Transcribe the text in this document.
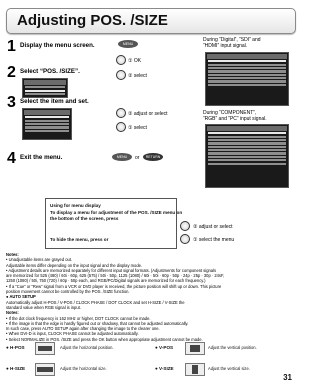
Adjusting POS. /SIZE
1 Display the menu screen.
2 Select “POS. /SIZE”.
3 Select the item and set.
4 Exit the menu.
MENU
① OK
② select
② adjust or select
① select
MENU	or	RETURN
During “Digital”, “SDI” and
“HDMI” input signal.
During “COMPONENT”,
“RGB” and “PC” input signal.
Using for menu display
To display a menu for adjustment of the POS. /SIZE menu on
the bottom of the screen, press
To hide the menu, press or
② adjust or select
① select the menu
Notes:
• Unadjustable items are grayed out.
Adjustable items differ depending on the input signal and the display mode.
• Adjustment details are memorized separately for different input signal formats. (Adjustments for component signals
are memorized for 525 (480) / 60i · 60p, 625 (575) / 50i · 50p, 1125 (1080) / 60i · 50i · 60p · 50p · 24p · 25p · 30p · 24sF,
1250 (1080) / 50i, 750 (720) / 60p · 50p each, and RGB/PC/Digital signals are memorized for each frequency.)
• If a “Cue” or “Rew” signal from a VCR or DVD player is received, the picture position will shift up or down. This picture
position movement cannot be controlled by the POS. /SIZE function.
● AUTO SETUP
Automatically adjust H-POS / V-POS / CLOCK PHASE / DOT CLOCK and set H-SIZE / V-SIZE the
standard value when RGB signal is input.
Notes:
• If the dot clock frequency is 162 MHz or higher, DOT CLOCK cannot be made.
• If the image is that the edge is hardly figured out or shadowy, that cannot be adjusted automatically.
In such case, press AUTO SETUP again after changing the image to the clearer one.
• When DVI-D is input, CLOCK PHASE cannot be adjusted automatically.
• Select NORMALIZE in POS. /SIZE and press the OK button when appropriate adjustment cannot be made.
● H-POS	Adjust the horizontal position.	● V-POS	Adjust the vertical position.
● H-SIZE	Adjust the horizontal size.	● V-SIZE	Adjust the vertical size.
31
